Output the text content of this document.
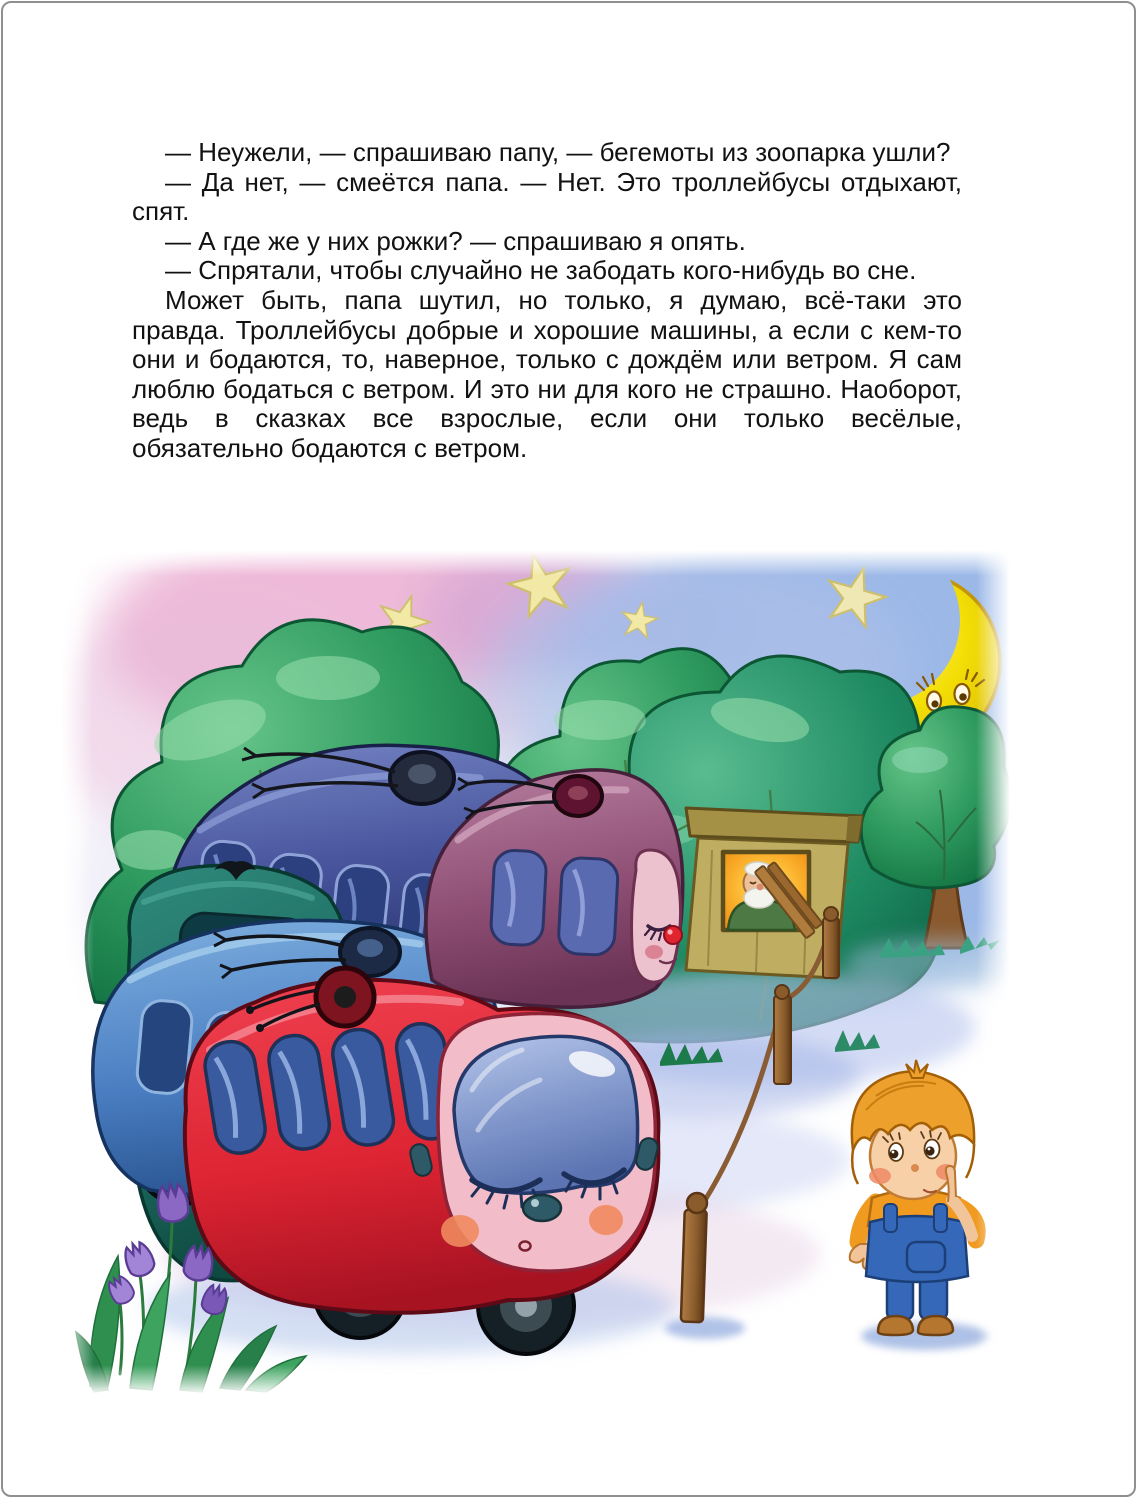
— Неужели, — спрашиваю папу, — бегемоты из зоопарка ушли?

— Да нет, — смеётся папа. — Нет. Это троллейбусы отдыхают, спят.

— А где же у них рожки? — спрашиваю я опять.

— Спрятали, чтобы случайно не забодать кого-нибудь во сне.

Может быть, папа шутил, но только, я думаю, всё-таки это правда. Троллейбусы добрые и хорошие машины, а если с кем-то они и бодаются, то, наверное, только с дождём или ветром. Я сам люблю бодаться с ветром. И это ни для кого не страшно. Наоборот, ведь в сказках все взрослые, если они только весёлые, обязательно бодаются с ветром.
